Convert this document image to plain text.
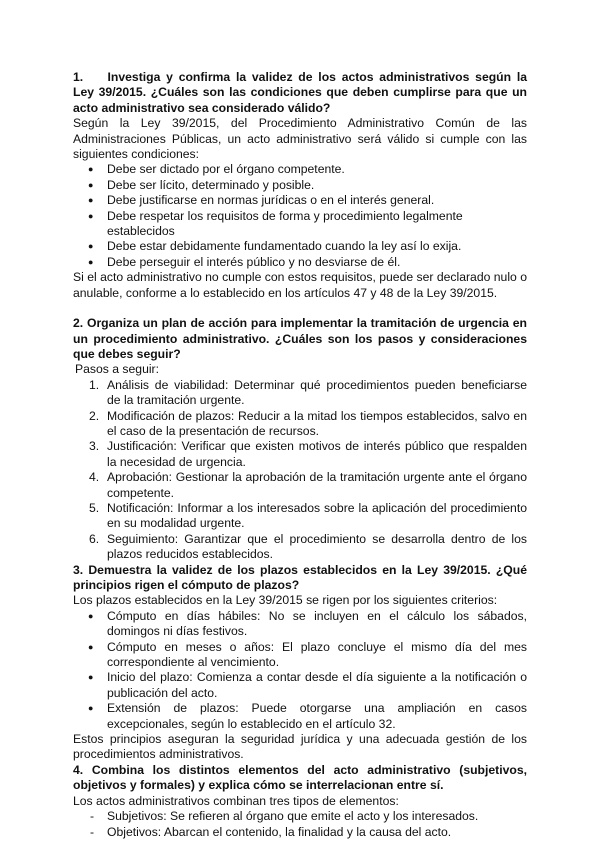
1.  Investiga y confirma la validez de los actos administrativos según la Ley 39/2015. ¿Cuáles son las condiciones que deben cumplirse para que un acto administrativo sea considerado válido?
Según la Ley 39/2015, del Procedimiento Administrativo Común de las Administraciones Públicas, un acto administrativo será válido si cumple con las siguientes condiciones:
● Debe ser dictado por el órgano competente.
● Debe ser lícito, determinado y posible.
● Debe justificarse en normas jurídicas o en el interés general.
● Debe respetar los requisitos de forma y procedimiento legalmente establecidos
● Debe estar debidamente fundamentado cuando la ley así lo exija.
● Debe perseguir el interés público y no desviarse de él.
Si el acto administrativo no cumple con estos requisitos, puede ser declarado nulo o anulable, conforme a lo establecido en los artículos 47 y 48 de la Ley 39/2015.
2. Organiza un plan de acción para implementar la tramitación de urgencia en un procedimiento administrativo. ¿Cuáles son los pasos y consideraciones que debes seguir?
Pasos a seguir:
1. Análisis de viabilidad: Determinar qué procedimientos pueden beneficiarse de la tramitación urgente.
2. Modificación de plazos: Reducir a la mitad los tiempos establecidos, salvo en el caso de la presentación de recursos.
3. Justificación: Verificar que existen motivos de interés público que respalden la necesidad de urgencia.
4. Aprobación: Gestionar la aprobación de la tramitación urgente ante el órgano competente.
5. Notificación: Informar a los interesados sobre la aplicación del procedimiento en su modalidad urgente.
6. Seguimiento: Garantizar que el procedimiento se desarrolla dentro de los plazos reducidos establecidos.
3. Demuestra la validez de los plazos establecidos en la Ley 39/2015. ¿Qué principios rigen el cómputo de plazos?
Los plazos establecidos en la Ley 39/2015 se rigen por los siguientes criterios:
● Cómputo en días hábiles: No se incluyen en el cálculo los sábados, domingos ni días festivos.
● Cómputo en meses o años: El plazo concluye el mismo día del mes correspondiente al vencimiento.
● Inicio del plazo: Comienza a contar desde el día siguiente a la notificación o publicación del acto.
● Extensión de plazos: Puede otorgarse una ampliación en casos excepcionales, según lo establecido en el artículo 32.
Estos principios aseguran la seguridad jurídica y una adecuada gestión de los procedimientos administrativos.
4. Combina los distintos elementos del acto administrativo (subjetivos, objetivos y formales) y explica cómo se interrelacionan entre sí.
Los actos administrativos combinan tres tipos de elementos:
- Subjetivos: Se refieren al órgano que emite el acto y los interesados.
- Objetivos: Abarcan el contenido, la finalidad y la causa del acto.
